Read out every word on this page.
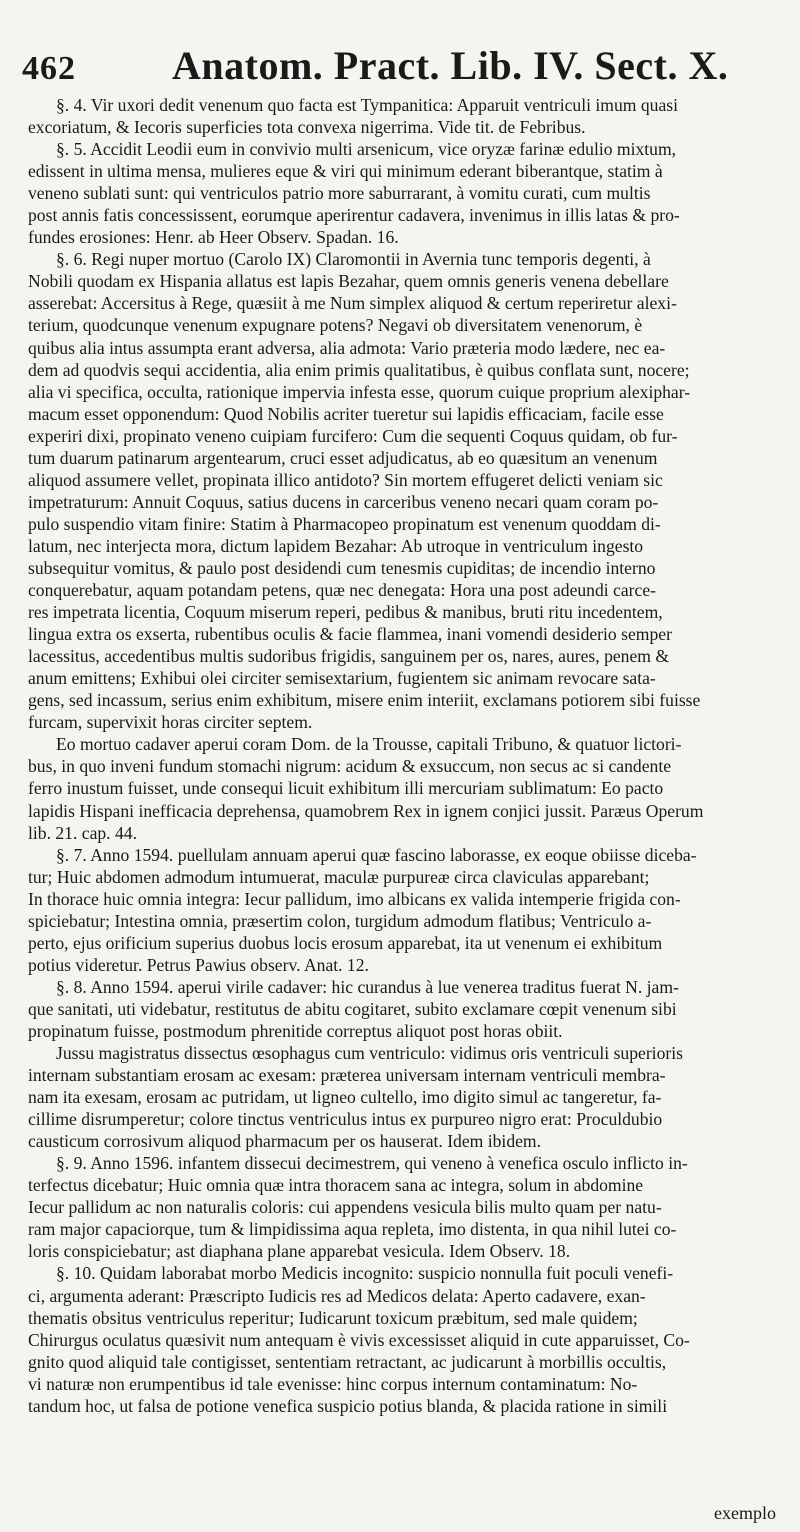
462	Anatom. Pract. Lib. IV. Sect. X.
§. 4. Vir uxori dedit venenum quo facta est Tympanitica: Apparuit ventriculi imum quasi
excoriatum, & Iecoris superficies tota convexa nigerrima. Vide tit. de Febribus.
§. 5. Accidit Leodii eum in convivio multi arsenicum, vice oryzæ farinæ edulio mixtum,
edissent in ultima mensa, mulieres eque & viri qui minimum ederant biberantque, statim à
veneno sublati sunt: qui ventriculos patrio more saburrarant, à vomitu curati, cum multis
post annis fatis concessissent, eorumque aperirentur cadavera, invenimus in illis latas & pro-
fundes erosiones: Henr. ab Heer Observ. Spadan. 16.
§. 6. Regi nuper mortuo (Carolo IX) Claromontii in Avernia tunc temporis degenti, à
Nobili quodam ex Hispania allatus est lapis Bezahar, quem omnis generis venena debellare
asserebat: Accersitus à Rege, quæsiit à me Num simplex aliquod & certum reperiretur alexi-
terium, quodcunque venenum expugnare potens? Negavi ob diversitatem venenorum, è
quibus alia intus assumpta erant adversa, alia admota: Vario præteria modo lædere, nec ea-
dem ad quodvis sequi accidentia, alia enim primis qualitatibus, è quibus conflata sunt, nocere;
alia vi specifica, occulta, rationique impervia infesta esse, quorum cuique proprium alexiphar-
macum esset opponendum: Quod Nobilis acriter tueretur sui lapidis efficaciam, facile esse
experiri dixi, propinato veneno cuipiam furcifero: Cum die sequenti Coquus quidam, ob fur-
tum duarum patinarum argentearum, cruci esset adjudicatus, ab eo quæsitum an venenum
aliquod assumere vellet, propinata illico antidoto? Sin mortem effugeret delicti veniam sic
impetraturum: Annuit Coquus, satius ducens in carceribus veneno necari quam coram po-
pulo suspendio vitam finire: Statim à Pharmacopeo propinatum est venenum quoddam di-
latum, nec interjecta mora, dictum lapidem Bezahar: Ab utroque in ventriculum ingesto
subsequitur vomitus, & paulo post desidendi cum tenesmis cupiditas; de incendio interno
conquerebatur, aquam potandam petens, quæ nec denegata: Hora una post adeundi carce-
res impetrata licentia, Coquum miserum reperi, pedibus & manibus, bruti ritu incedentem,
lingua extra os exserta, rubentibus oculis & facie flammea, inani vomendi desiderio semper
lacessitus, accedentibus multis sudoribus frigidis, sanguinem per os, nares, aures, penem &
anum emittens; Exhibui olei circiter semisextarium, fugientem sic animam revocare sata-
gens, sed incassum, serius enim exhibitum, misere enim interiit, exclamans potiorem sibi fuisse
furcam, supervixit horas circiter septem.
Eo mortuo cadaver aperui coram Dom. de la Trousse, capitali Tribuno, & quatuor lictori-
bus, in quo inveni fundum stomachi nigrum: acidum & exsuccum, non secus ac si candente
ferro inustum fuisset, unde consequi licuit exhibitum illi mercuriam sublimatum: Eo pacto
lapidis Hispani inefficacia deprehensa, quamobrem Rex in ignem conjici jussit. Paræus Operum
lib. 21. cap. 44.
§. 7. Anno 1594. puellulam annuam aperui quæ fascino laborasse, ex eoque obiisse diceba-
tur; Huic abdomen admodum intumuerat, maculæ purpureæ circa claviculas apparebant;
In thorace huic omnia integra: Iecur pallidum, imo albicans ex valida intemperie frigida con-
spiciebatur; Intestina omnia, præsertim colon, turgidum admodum flatibus; Ventriculo a-
perto, ejus orificium superius duobus locis erosum apparebat, ita ut venenum ei exhibitum
potius videretur. Petrus Pawius observ. Anat. 12.
§. 8. Anno 1594. aperui virile cadaver: hic curandus à lue venerea traditus fuerat N. jam-
que sanitati, uti videbatur, restitutus de abitu cogitaret, subito exclamare cœpit venenum sibi
propinatum fuisse, postmodum phrenitide correptus aliquot post horas obiit.
Jussu magistratus dissectus œsophagus cum ventriculo: vidimus oris ventriculi superioris
internam substantiam erosam ac exesam: præterea universam internam ventriculi membra-
nam ita exesam, erosam ac putridam, ut ligneo cultello, imo digito simul ac tangeretur, fa-
cillime disrumperetur; colore tinctus ventriculus intus ex purpureo nigro erat: Proculdubio
causticum corrosivum aliquod pharmacum per os hauserat. Idem ibidem.
§. 9. Anno 1596. infantem dissecui decimestrem, qui veneno à venefica osculo inflicto in-
terfectus dicebatur; Huic omnia quæ intra thoracem sana ac integra, solum in abdomine
Iecur pallidum ac non naturalis coloris: cui appendens vesicula bilis multo quam per natu-
ram major capaciorque, tum & limpidissima aqua repleta, imo distenta, in qua nihil lutei co-
loris conspiciebatur; ast diaphana plane apparebat vesicula. Idem Observ. 18.
§. 10. Quidam laborabat morbo Medicis incognito: suspicio nonnulla fuit poculi venefi-
ci, argumenta aderant: Præscripto Iudicis res ad Medicos delata: Aperto cadavere, exan-
thematis obsitus ventriculus reperitur; Iudicarunt toxicum præbitum, sed male quidem;
Chirurgus oculatus quæsivit num antequam è vivis excessisset aliquid in cute apparuisset, Co-
gnito quod aliquid tale contigisset, sententiam retractant, ac judicarunt à morbillis occultis,
vi naturæ non erumpentibus id tale evenisse: hinc corpus internum contaminatum: No-
tandum hoc, ut falsa de potione venefica suspicio potius blanda, & placida ratione in simili
exemplo
